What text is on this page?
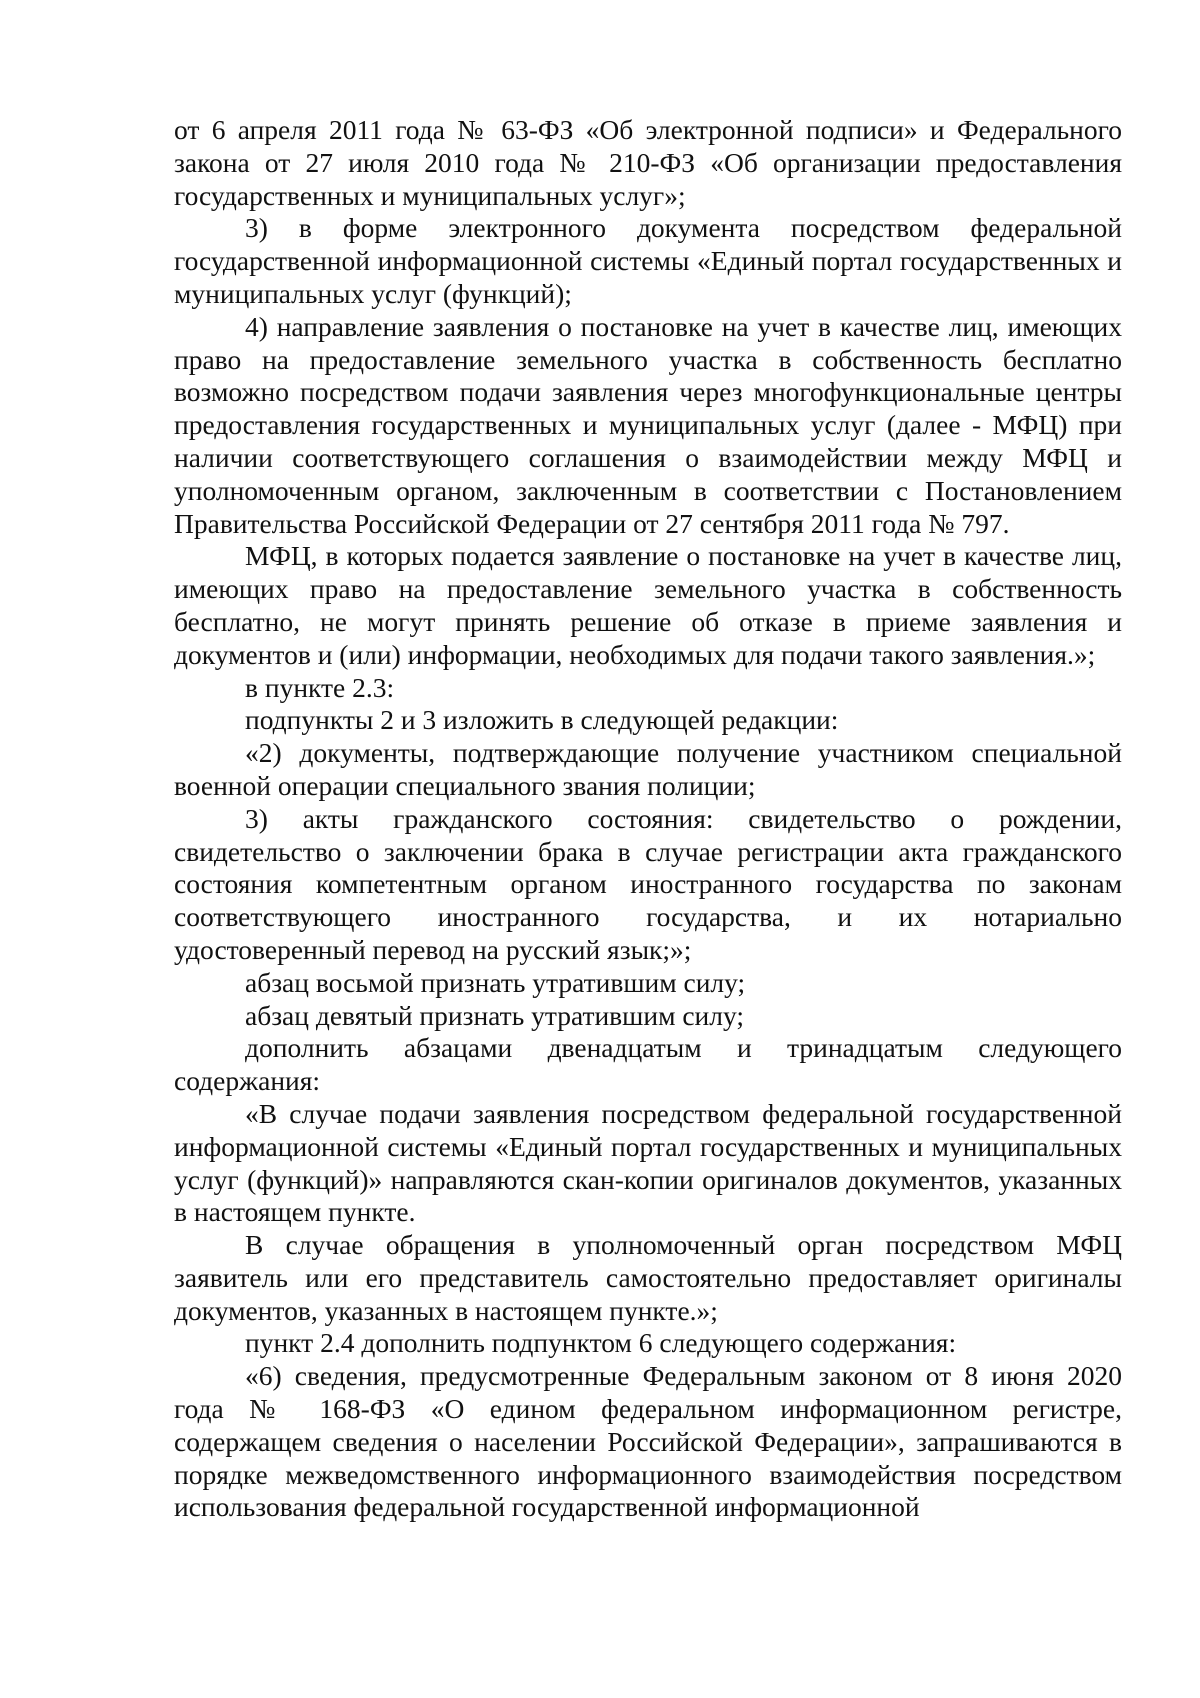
от 6 апреля 2011 года № 63-ФЗ «Об электронной подписи» и Федерального закона от 27 июля 2010 года № 210-ФЗ «Об организации предоставления государственных и муниципальных услуг»;

3) в форме электронного документа посредством федеральной государственной информационной системы «Единый портал государственных и муниципальных услуг (функций);

4) направление заявления о постановке на учет в качестве лиц, имеющих право на предоставление земельного участка в собственность бесплатно возможно посредством подачи заявления через многофункциональные центры предоставления государственных и муниципальных услуг (далее - МФЦ) при наличии соответствующего соглашения о взаимодействии между МФЦ и уполномоченным органом, заключенным в соответствии с Постановлением Правительства Российской Федерации от 27 сентября 2011 года № 797.

МФЦ, в которых подается заявление о постановке на учет в качестве лиц, имеющих право на предоставление земельного участка в собственность бесплатно, не могут принять решение об отказе в приеме заявления и документов и (или) информации, необходимых для подачи такого заявления.»;

в пункте 2.3:

подпункты 2 и 3 изложить в следующей редакции:

«2) документы, подтверждающие получение участником специальной военной операции специального звания полиции;

3) акты гражданского состояния: свидетельство о рождении, свидетельство о заключении брака в случае регистрации акта гражданского состояния компетентным органом иностранного государства по законам соответствующего иностранного государства, и их нотариально удостоверенный перевод на русский язык;»;

абзац восьмой признать утратившим силу;

абзац девятый признать утратившим силу;

дополнить абзацами двенадцатым и тринадцатым следующего содержания:

«В случае подачи заявления посредством федеральной государственной информационной системы «Единый портал государственных и муниципальных услуг (функций)» направляются скан-копии оригиналов документов, указанных в настоящем пункте.

В случае обращения в уполномоченный орган посредством МФЦ заявитель или его представитель самостоятельно предоставляет оригиналы документов, указанных в настоящем пункте.»;

пункт 2.4 дополнить подпунктом 6 следующего содержания:

«6) сведения, предусмотренные Федеральным законом от 8 июня 2020 года № 168-ФЗ «О едином федеральном информационном регистре, содержащем сведения о населении Российской Федерации», запрашиваются в порядке межведомственного информационного взаимодействия посредством использования федеральной государственной информационной
